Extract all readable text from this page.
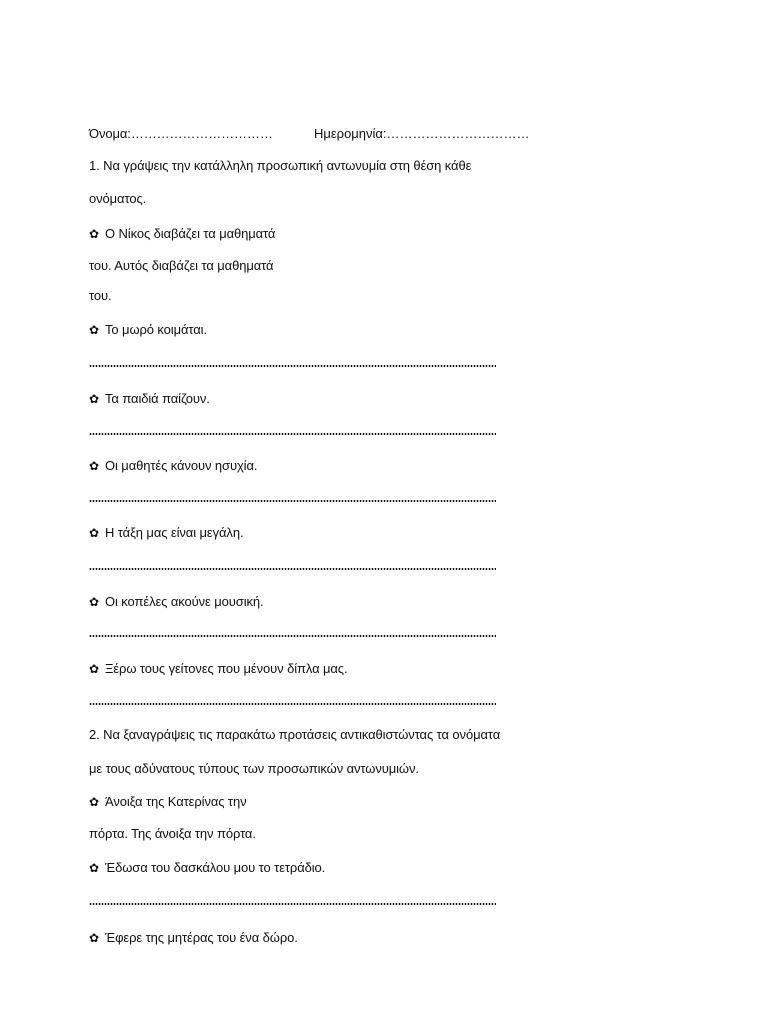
Όνομα:……………………………	Ημερομηνία:……………………………
1. Να γράψεις την κατάλληλη προσωπική αντωνυμία στη θέση κάθε
ονόματος.
✿ Ο Νίκος διαβάζει τα μαθηματά
του. Αυτός διαβάζει τα μαθηματά
του.
✿ Το μωρό κοιμάται.
✿ Τα παιδιά παίζουν.
✿ Οι μαθητές κάνουν ησυχία.
✿ Η τάξη μας είναι μεγάλη.
✿ Οι κοπέλες ακούνε μουσική.
✿ Ξέρω τους γείτονες που μένουν δίπλα μας.
2. Να ξαναγράψεις τις παρακάτω προτάσεις αντικαθιστώντας τα ονόματα
με τους αδύνατους τύπους των προσωπικών αντωνυμιών.
✿ Άνοιξα της Κατερίνας την
πόρτα. Της άνοιξα την πόρτα.
✿ Έδωσα του δασκάλου μου το τετράδιο.
✿ Έφερε της μητέρας του ένα δώρο.
